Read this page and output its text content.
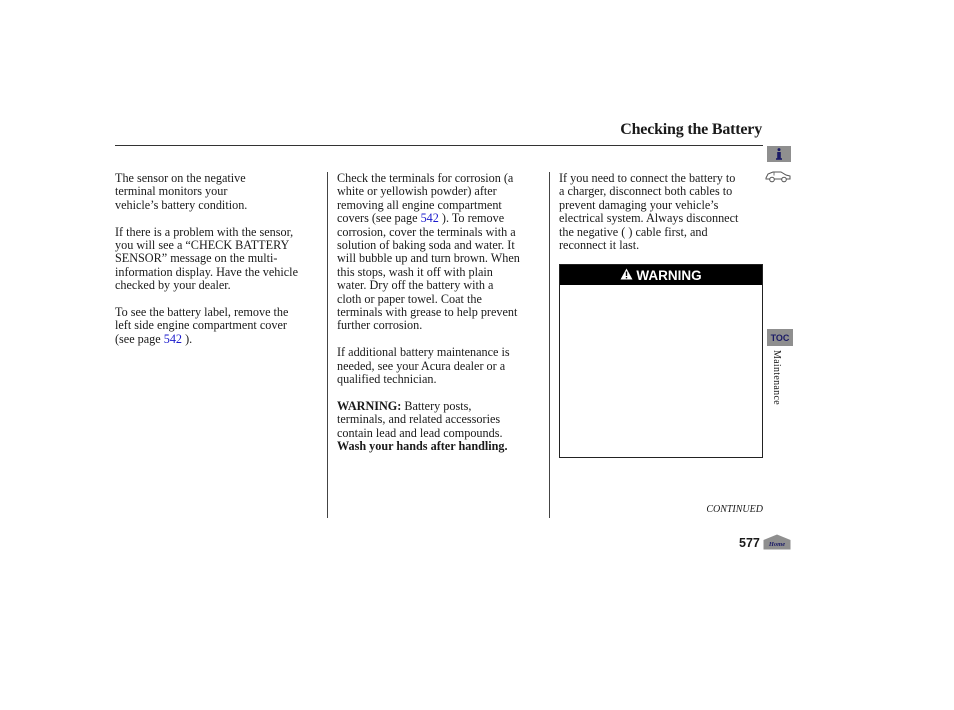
Checking the Battery

The sensor on the negative
terminal monitors your
vehicle’s battery condition.

If there is a problem with the sensor,
you will see a “CHECK BATTERY
SENSOR” message on the multi-
information display. Have the vehicle
checked by your dealer.

To see the battery label, remove the
left side engine compartment cover
(see page 542 ).

Check the terminals for corrosion (a
white or yellowish powder) after
removing all engine compartment
covers (see page 542 ). To remove
corrosion, cover the terminals with a
solution of baking soda and water. It
will bubble up and turn brown. When
this stops, wash it off with plain
water. Dry off the battery with a
cloth or paper towel. Coat the
terminals with grease to help prevent
further corrosion.

If additional battery maintenance is
needed, see your Acura dealer or a
qualified technician.

WARNING: Battery posts,
terminals, and related accessories
contain lead and lead compounds.
Wash your hands after handling.

If you need to connect the battery to
a charger, disconnect both cables to
prevent damaging your vehicle’s
electrical system. Always disconnect
the negative ( ) cable first, and
reconnect it last.

WARNING
CONTINUED
577
TOC
Maintenance
Home
